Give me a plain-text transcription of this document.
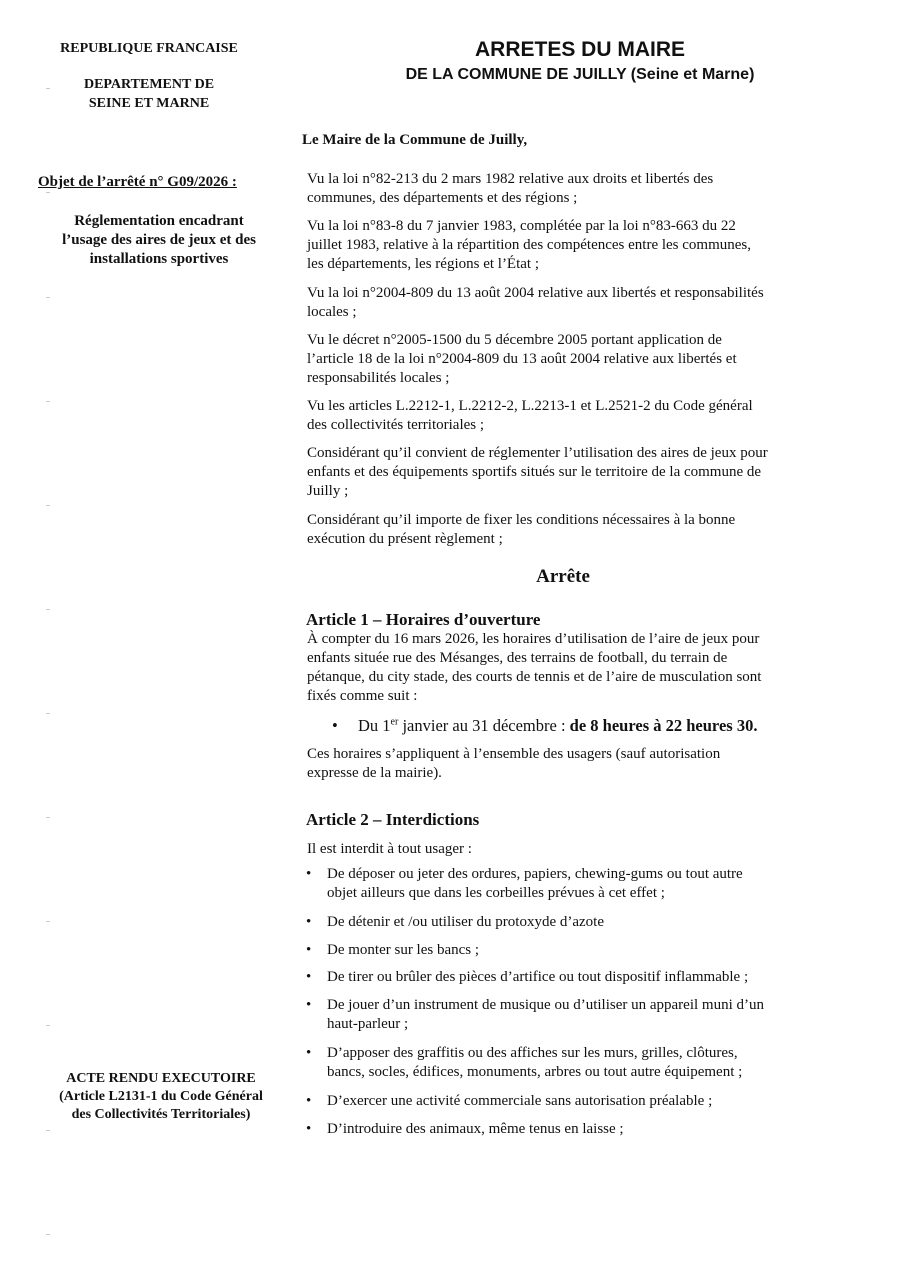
REPUBLIQUE FRANCAISE
DEPARTEMENT DE
SEINE ET MARNE
Objet de l’arrêté n° G09/2026 :
Réglementation encadrant
l’usage des aires de jeux et des
installations sportives
ACTE RENDU EXECUTOIRE
(Article L2131-1 du Code Général
des Collectivités Territoriales)
ARRETES DU MAIRE
DE LA COMMUNE DE JUILLY (Seine et Marne)
Le Maire de la Commune de Juilly,
Vu la loi n°82-213 du 2 mars 1982 relative aux droits et libertés des
communes, des départements et des régions ;
Vu la loi n°83-8 du 7 janvier 1983, complétée par la loi n°83-663 du 22
juillet 1983, relative à la répartition des compétences entre les communes,
les départements, les régions et l’État ;
Vu la loi n°2004-809 du 13 août 2004 relative aux libertés et responsabilités
locales ;
Vu le décret n°2005-1500 du 5 décembre 2005 portant application de
l’article 18 de la loi n°2004-809 du 13 août 2004 relative aux libertés et
responsabilités locales ;
Vu les articles L.2212-1, L.2212-2, L.2213-1 et L.2521-2 du Code général
des collectivités territoriales ;
Considérant qu’il convient de réglementer l’utilisation des aires de jeux pour
enfants et des équipements sportifs situés sur le territoire de la commune de
Juilly ;
Considérant qu’il importe de fixer les conditions nécessaires à la bonne
exécution du présent règlement ;
Arrête
Article 1 – Horaires d’ouverture
À compter du 16 mars 2026, les horaires d’utilisation de l’aire de jeux pour
enfants située rue des Mésanges, des terrains de football, du terrain de
pétanque, du city stade, des courts de tennis et de l’aire de musculation sont
fixés comme suit :
• Du 1er janvier au 31 décembre : de 8 heures à 22 heures 30.
Ces horaires s’appliquent à l’ensemble des usagers (sauf autorisation
expresse de la mairie).
Article 2 – Interdictions
Il est interdit à tout usager :
•	De déposer ou jeter des ordures, papiers, chewing-gums ou tout autre
objet ailleurs que dans les corbeilles prévues à cet effet ;
•	De détenir et /ou utiliser du protoxyde d’azote
•	De monter sur les bancs ;
•	De tirer ou brûler des pièces d’artifice ou tout dispositif inflammable ;
•	De jouer d’un instrument de musique ou d’utiliser un appareil muni d’un
haut-parleur ;
•	D’apposer des graffitis ou des affiches sur les murs, grilles, clôtures,
bancs, socles, édifices, monuments, arbres ou tout autre équipement ;
•	D’exercer une activité commerciale sans autorisation préalable ;
•	D’introduire des animaux, même tenus en laisse ;
